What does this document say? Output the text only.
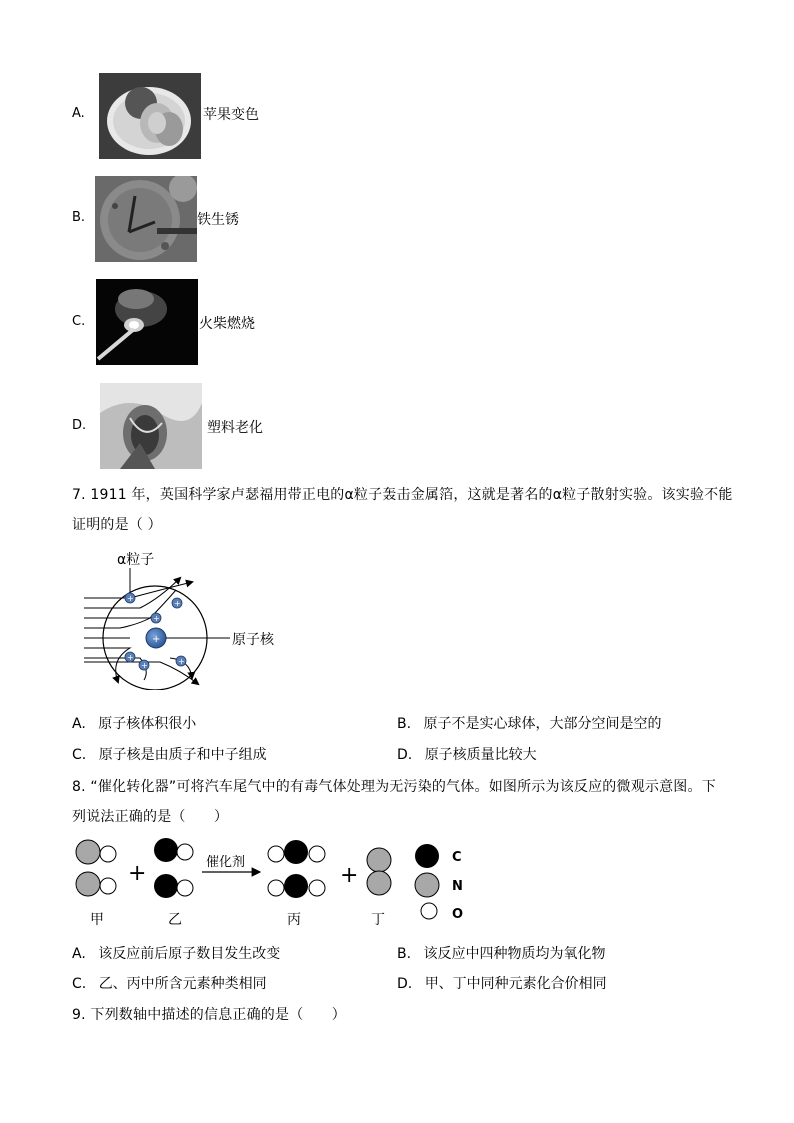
A.	苹果变色
B.	铁生锈
C.	火柴燃烧
D.	塑料老化
7. 1911 年，英国科学家卢瑟福用带正电的α粒子轰击金属箔，这就是著名的α粒子散射实验。该实验不能
证明的是（ ）
α粒子
+	原子核
+
+
+
+
+	+
A. 原子核体积很小	B. 原子不是实心球体，大部分空间是空的
C. 原子核是由质子和中子组成	D. 原子核质量比较大
8. “催化转化器”可将汽车尾气中的有毒气体处理为无污染的气体。如图所示为该反应的微观示意图。下
列说法正确的是（　　）
+	催化剂
+
甲	乙	丙	丁
C
N
O
A. 该反应前后原子数目发生改变	B. 该反应中四种物质均为氧化物
C. 乙、丙中所含元素种类相同	D. 甲、丁中同种元素化合价相同
9. 下列数轴中描述的信息正确的是（　　）
